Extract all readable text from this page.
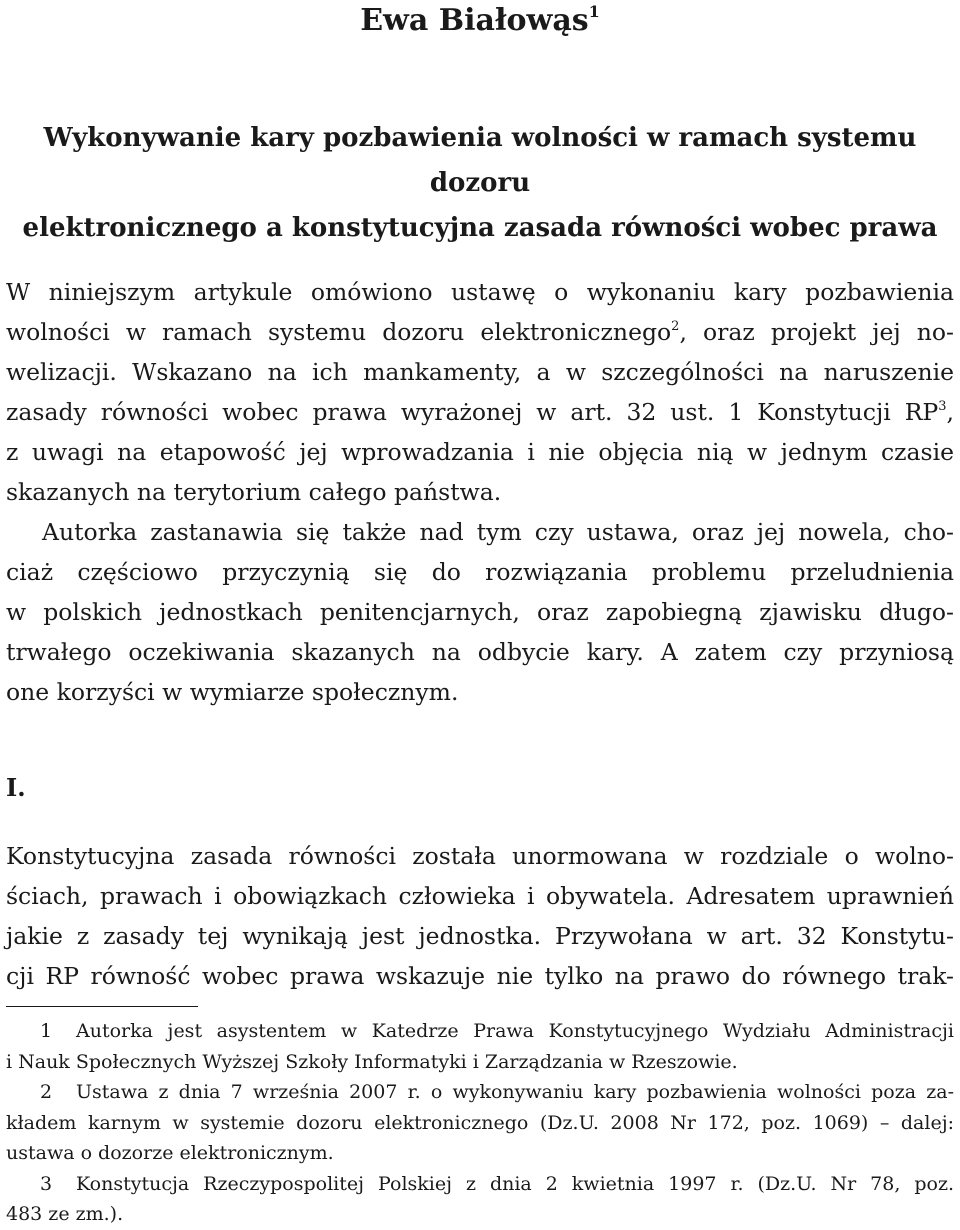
Ewa Białowąs$^1$
Wykonywanie kary pozbawienia wolności w ramach systemu dozoru
elektronicznego a konstytucyjna zasada równości wobec prawa
W niniejszym artykule omówiono ustawę o wykonaniu kary pozbawienia
wolności w ramach systemu dozoru elektronicznego$^2$, oraz projekt jej no-
welizacji. Wskazano na ich mankamenty, a w szczególności na naruszenie
zasady równości wobec prawa wyrażonej w art. 32 ust. 1 Konstytucji $RP^3$,
z uwagi na etapowość jej wprowadzania i nie objęcia nią w jednym czasie
skazanych na terytorium całego państwa.
Autorka zastanawia się także nad tym czy ustawa, oraz jej nowela, cho-
ciaż częściowo przyczynią się do rozwiązania problemu przeludnienia
w polskich jednostkach penitencjarnych, oraz zapobiegną zjawisku długo-
trwałego oczekiwania skazanych na odbycie kary. A zatem czy przyniosą
one korzyści w wymiarze społecznym.
I.
Konstytucyjna zasada równości została unormowana w rozdziale o wolno-
ściach, prawach i obowiązkach człowieka i obywatela. Adresatem uprawnień
jakie z zasady tej wynikają jest jednostka. Przywołana w art. 32 Konstytu-
cji RP równość wobec prawa wskazuje nie tylko na prawo do równego trak-
1 Autorka jest asystentem w Katedrze Prawa Konstytucyjnego Wydziału Administracji
i Nauk Społecznych Wyższej Szkoły Informatyki i Zarządzania w Rzeszowie.
2 Ustawa z dnia 7 września 2007 r. o wykonywaniu kary pozbawienia wolności poza za-
kładem karnym w systemie dozoru elektronicznego (Dz.U. 2008 Nr 172, poz. 1069) – dalej:
ustawa o dozorze elektronicznym.
3 Konstytucja Rzeczypospolitej Polskiej z dnia 2 kwietnia 1997 r. (Dz.U. Nr 78, poz.
483 ze zm.).
